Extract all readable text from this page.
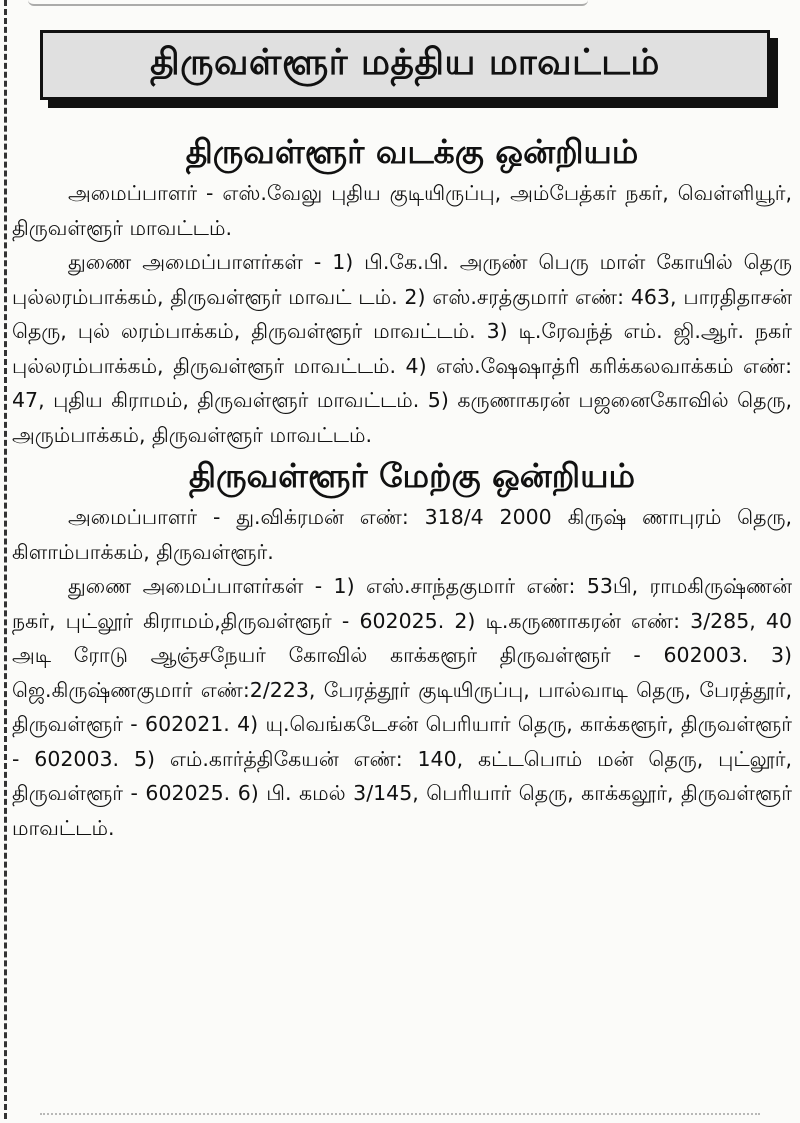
திருவள்ளூர் மத்திய மாவட்டம்
திருவள்ளூர் வடக்கு ஒன்றியம்

அமைப்பாளர் - எஸ்.வேலு புதிய குடியிருப்பு, அம்பேத்கர் நகர், வெள்ளியூர், திருவள்ளூர் மாவட்டம்.

துணை அமைப்பாளர்கள் - 1) பி.கே.பி. அருண் பெரு மாள் கோயில் தெரு புல்லரம்பாக்கம், திருவள்ளூர் மாவட் டம். 2) எஸ்.சரத்குமார் எண்: 463, பாரதிதாசன் தெரு, புல் லரம்பாக்கம், திருவள்ளூர் மாவட்டம். 3) டி.ரேவந்த் எம். ஜி.ஆர். நகர் புல்லரம்பாக்கம், திருவள்ளூர் மாவட்டம். 4) எஸ்.ஷேஷாத்ரி கரிக்கலவாக்கம் எண்: 47, புதிய கிராமம், திருவள்ளூர் மாவட்டம். 5) கருணாகரன் பஜனைகோவில் தெரு, அரும்பாக்கம், திருவள்ளூர் மாவட்டம்.

திருவள்ளூர் மேற்கு ஒன்றியம்

அமைப்பாளர் - து.விக்ரமன் எண்: 318/4 2000 கிருஷ் ணாபுரம் தெரு, கிளாம்பாக்கம், திருவள்ளூர்.

துணை அமைப்பாளர்கள் - 1) எஸ்.சாந்தகுமார் எண்: 53பி, ராமகிருஷ்ணன் நகர், புட்லூர் கிராமம்,திருவள்ளூர் - 602025. 2) டி.கருணாகரன் எண்: 3/285, 40 அடி ரோடு ஆஞ்சநேயர் கோவில் காக்களூர் திருவள்ளூர் - 602003. 3) ஜெ.கிருஷ்ணகுமார் எண்:2/223, பேரத்தூர் குடியிருப்பு, பால்வாடி தெரு, பேரத்தூர், திருவள்ளூர் - 602021. 4) யு.வெங்கடேசன் பெரியார் தெரு, காக்களூர், திருவள்ளூர் - 602003. 5) எம்.கார்த்திகேயன் எண்: 140, கட்டபொம் மன் தெரு, புட்லூர், திருவள்ளூர் - 602025. 6) பி. கமல் 3/145, பெரியார் தெரு, காக்கலூர், திருவள்ளூர் மாவட்டம்.
